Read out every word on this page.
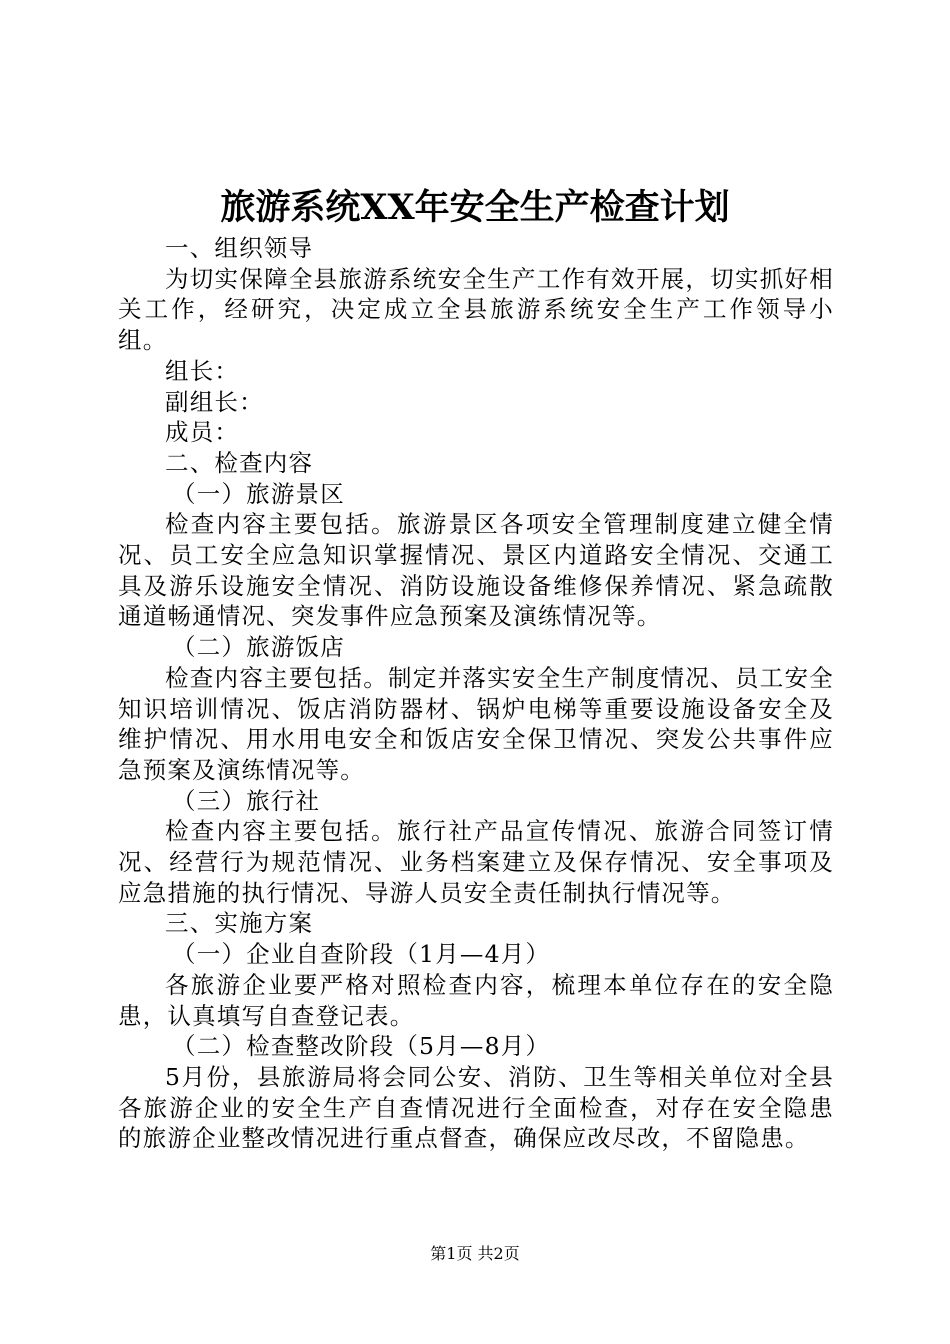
旅游系统XX年安全生产检查计划

一、组织领导

为切实保障全县旅游系统安全生产工作有效开展，切实抓好相关工作，经研究，决定成立全县旅游系统安全生产工作领导小组。

组长：

副组长：

成员：

二、检查内容

（一）旅游景区

检查内容主要包括。旅游景区各项安全管理制度建立健全情况、员工安全应急知识掌握情况、景区内道路安全情况、交通工具及游乐设施安全情况、消防设施设备维修保养情况、紧急疏散通道畅通情况、突发事件应急预案及演练情况等。

（二）旅游饭店

检查内容主要包括。制定并落实安全生产制度情况、员工安全知识培训情况、饭店消防器材、锅炉电梯等重要设施设备安全及维护情况、用水用电安全和饭店安全保卫情况、突发公共事件应急预案及演练情况等。

（三）旅行社

检查内容主要包括。旅行社产品宣传情况、旅游合同签订情况、经营行为规范情况、业务档案建立及保存情况、安全事项及应急措施的执行情况、导游人员安全责任制执行情况等。

三、实施方案

（一）企业自查阶段（1月—4月）

各旅游企业要严格对照检查内容，梳理本单位存在的安全隐患，认真填写自查登记表。

（二）检查整改阶段（5月—8月）

5月份，县旅游局将会同公安、消防、卫生等相关单位对全县各旅游企业的安全生产自查情况进行全面检查，对存在安全隐患的旅游企业整改情况进行重点督查，确保应改尽改，不留隐患。

第1页 共2页
